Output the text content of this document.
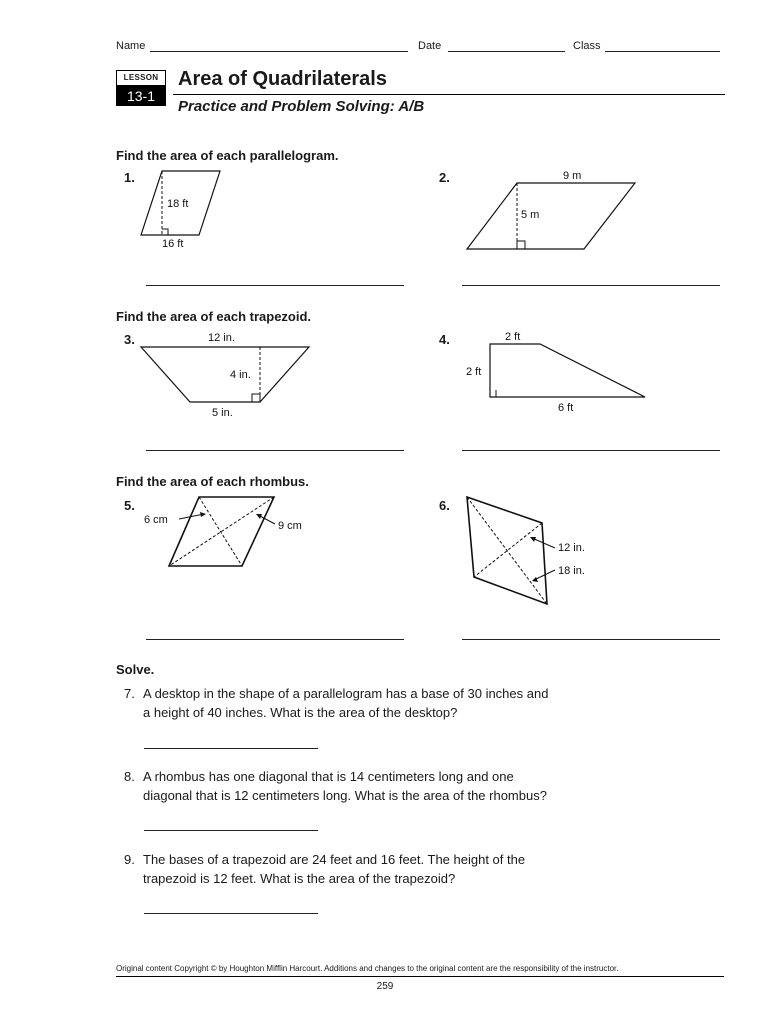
Name	Date	Class
LESSON
13-1
Area of Quadrilaterals
Practice and Problem Solving: A/B
Find the area of each parallelogram.
1.	2.
18 ft
16 ft
9 m
5 m
Find the area of each trapezoid.
3.	4.
12 in.
4 in.
5 in.
2 ft
2 ft
6 ft
Find the area of each rhombus.
5.	6.
6 cm	9 cm
12 in.
18 in.
Solve.
7. A desktop in the shape of a parallelogram has a base of 30 inches and
a height of 40 inches. What is the area of the desktop?
8. A rhombus has one diagonal that is 14 centimeters long and one
diagonal that is 12 centimeters long. What is the area of the rhombus?
9. The bases of a trapezoid are 24 feet and 16 feet. The height of the
trapezoid is 12 feet. What is the area of the trapezoid?
Original content Copyright © by Houghton Mifflin Harcourt. Additions and changes to the original content are the responsibility of the instructor.
259
